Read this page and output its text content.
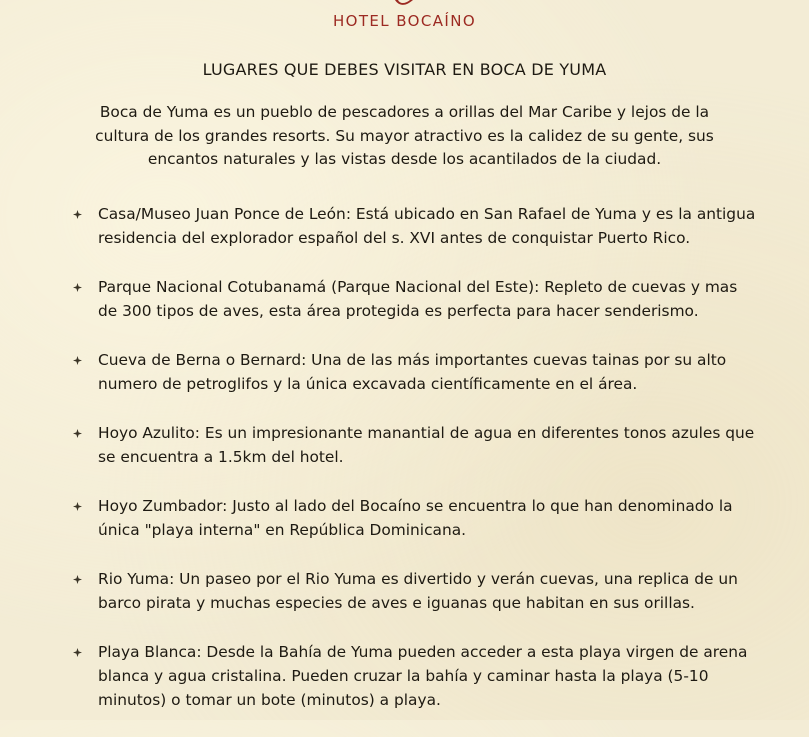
HOTEL BOCAÍNO
LUGARES QUE DEBES VISITAR EN BOCA DE YUMA
Boca de Yuma es un pueblo de pescadores a orillas del Mar Caribe y lejos de la cultura de los grandes resorts. Su mayor atractivo es la calidez de su gente, sus encantos naturales y las vistas desde los acantilados de la ciudad.
Casa/Museo Juan Ponce de León: Está ubicado en San Rafael de Yuma y es la antigua residencia del explorador español del s. XVI antes de conquistar Puerto Rico.
Parque Nacional Cotubanamá (Parque Nacional del Este): Repleto de cuevas y mas de 300 tipos de aves, esta área protegida es perfecta para hacer senderismo.
Cueva de Berna o Bernard: Una de las más importantes cuevas tainas por su alto numero de petroglifos y la única excavada científicamente en el área.
Hoyo Azulito: Es un impresionante manantial de agua en diferentes tonos azules que se encuentra a 1.5km del hotel.
Hoyo Zumbador: Justo al lado del Bocaíno se encuentra lo que han denominado la única "playa interna" en República Dominicana.
Rio Yuma: Un paseo por el Rio Yuma es divertido y verán cuevas, una replica de un barco pirata y muchas especies de aves e iguanas que habitan en sus orillas.
Playa Blanca: Desde la Bahía de Yuma pueden acceder a esta playa virgen de arena blanca y agua cristalina. Pueden cruzar la bahía y caminar hasta la playa (5-10 minutos) o tomar un bote (minutos) a playa.
